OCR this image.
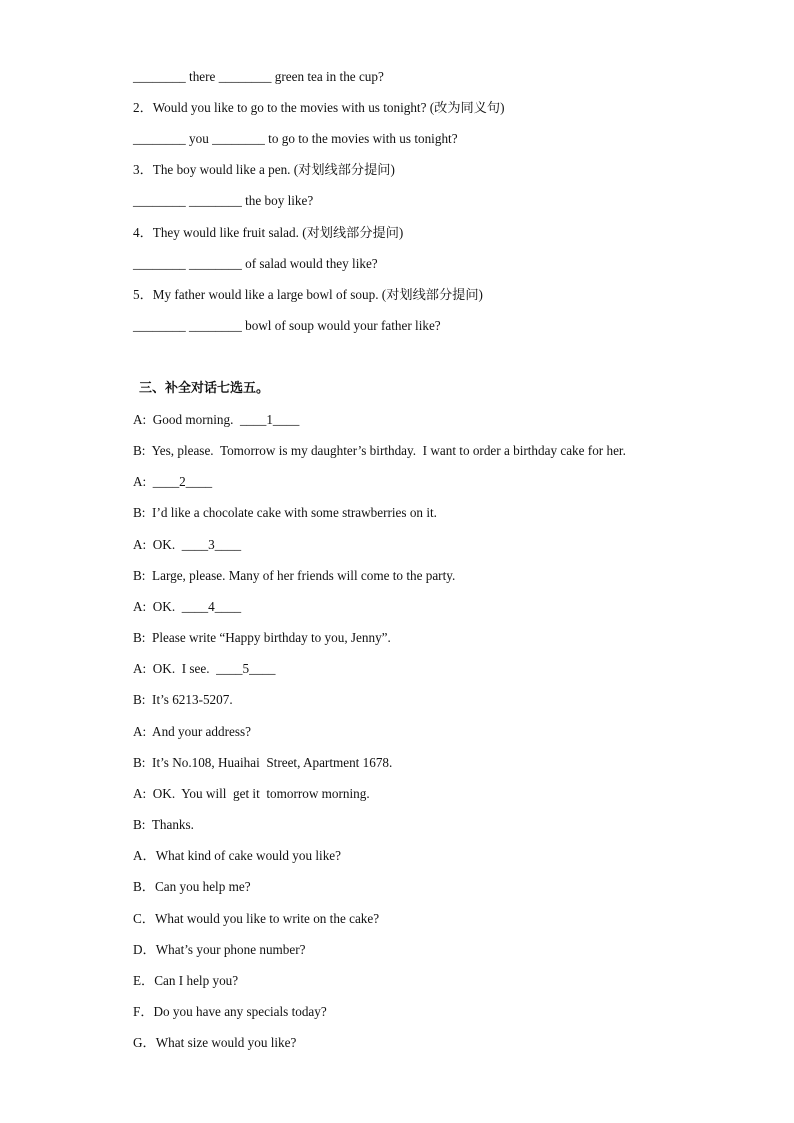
________ there ________ green tea in the cup?
2．Would you like to go to the movies with us tonight? (改为同义句)
________ you ________ to go to the movies with us tonight?
3．The boy would like a pen. (对划线部分提问)
________ ________ the boy like?
4．They would like fruit salad. (对划线部分提问)
________ ________ of salad would they like?
5．My father would like a large bowl of soup. (对划线部分提问)
________ ________ bowl of soup would your father like?
三、补全对话七选五。
A:  Good morning.  ____1____
B:  Yes, please.  Tomorrow is my daughter’s birthday.  I want to order a birthday cake for her.
A:  ____2____
B:  I’d like a chocolate cake with some strawberries on it.
A:  OK.  ____3____
B:  Large, please. Many of her friends will come to the party.
A:  OK.  ____4____
B:  Please write “Happy birthday to you, Jenny”.
A:  OK.  I see.  ____5____
B:  It’s 6213-5207.
A:  And your address?
B:  It’s No.108, Huaihai  Street, Apartment 1678.
A:  OK.  You will  get it  tomorrow morning.
B:  Thanks.
A．What kind of cake would you like?
B．Can you help me?
C．What would you like to write on the cake?
D．What’s your phone number?
E．Can I help you?
F．Do you have any specials today?
G．What size would you like?
